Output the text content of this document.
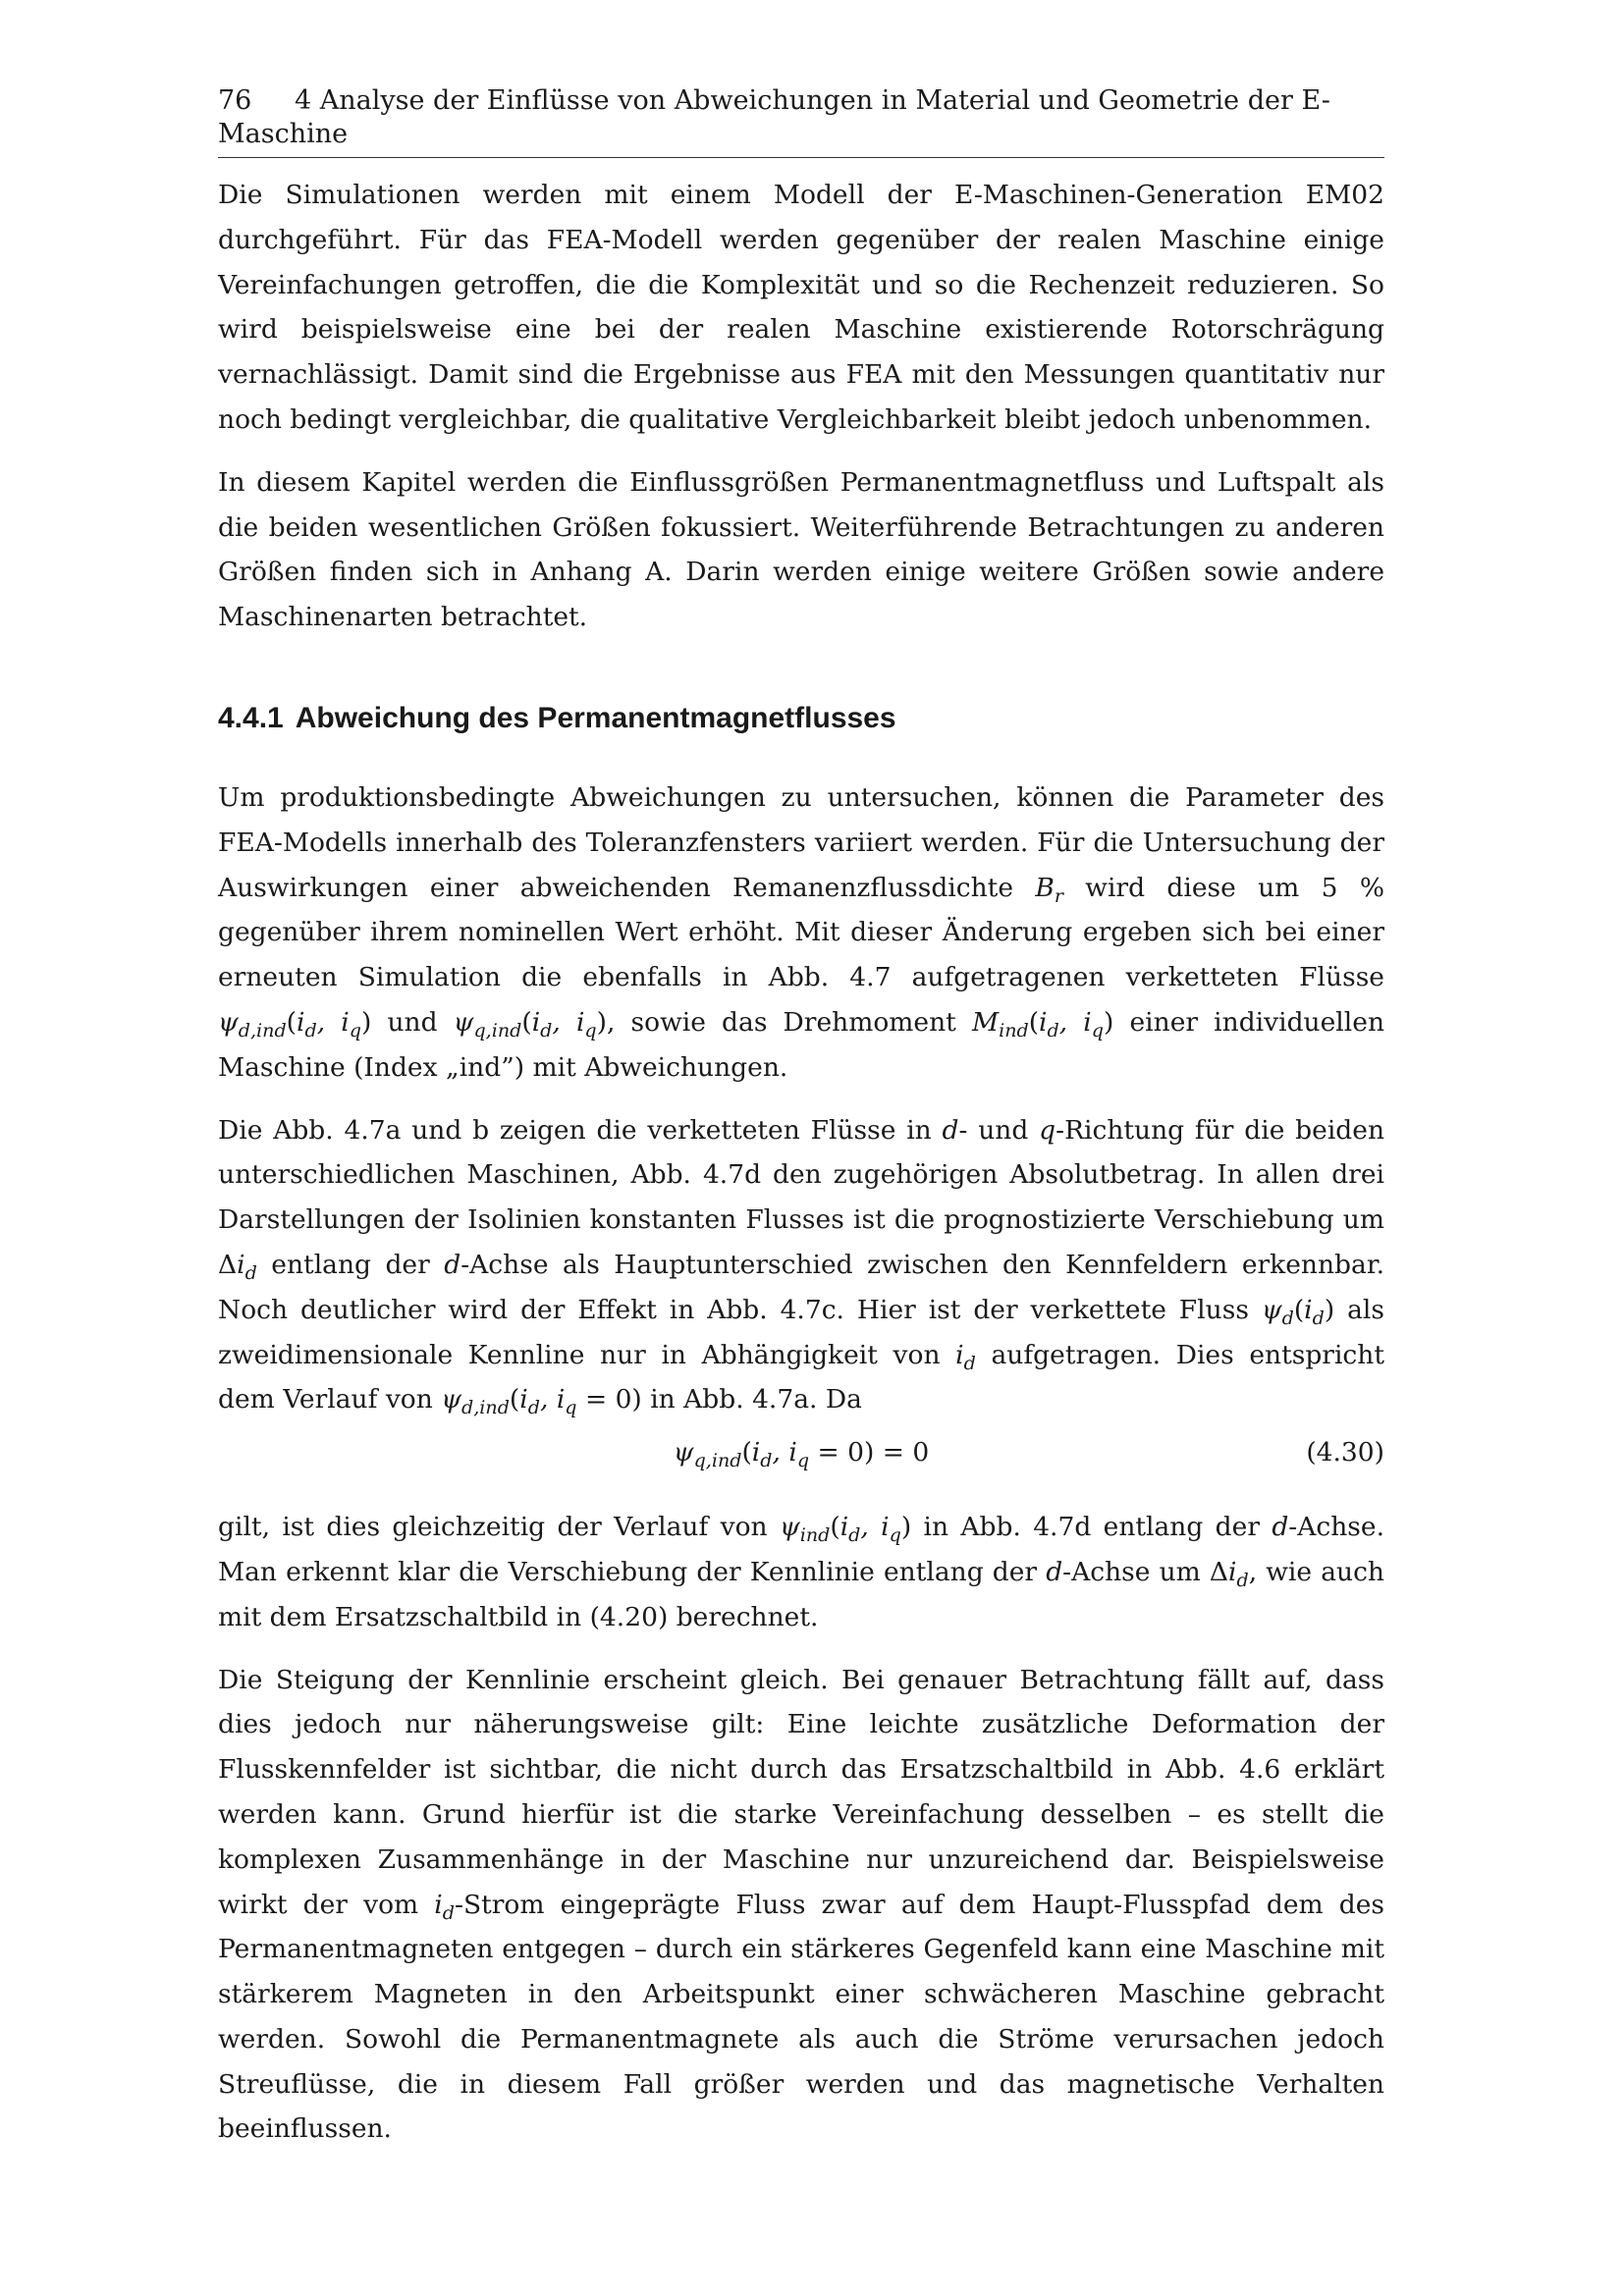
76 4 Analyse der Einflüsse von Abweichungen in Material und Geometrie der E-Maschine

Die Simulationen werden mit einem Modell der E-Maschinen-Generation EM02 durchgeführt. Für das FEA-Modell werden gegenüber der realen Maschine einige Vereinfachungen getroffen, die die Komplexität und so die Rechenzeit reduzieren. So wird beispielsweise eine bei der realen Maschine existierende Rotorschrägung vernachlässigt. Damit sind die Ergebnisse aus FEA mit den Messungen quantitativ nur noch bedingt vergleichbar, die qualitative Vergleichbarkeit bleibt jedoch unbenommen.

In diesem Kapitel werden die Einflussgrößen Permanentmagnetfluss und Luftspalt als die beiden wesentlichen Größen fokussiert. Weiterführende Betrachtungen zu anderen Größen finden sich in Anhang A. Darin werden einige weitere Größen sowie andere Maschinenarten betrachtet.

4.4.1 Abweichung des Permanentmagnetflusses

Um produktionsbedingte Abweichungen zu untersuchen, können die Parameter des FEA-Modells innerhalb des Toleranzfensters variiert werden. Für die Untersuchung der Auswirkungen einer abweichenden Remanenzflussdichte $B_r$ wird diese um 5 % gegenüber ihrem nominellen Wert erhöht. Mit dieser Änderung ergeben sich bei einer erneuten Simulation die ebenfalls in Abb. 4.7 aufgetragenen verketteten Flüsse $\psi_{d,ind}(i_d$, $i_q$) und $\psi_{q,ind}(i_d$, $i_q$), sowie das Drehmoment $M_{ind}(i_d$, $i_q$) einer individuellen Maschine (Index „ind”) mit Abweichungen.

Die Abb. 4.7a und b zeigen die verketteten Flüsse in d- und q-Richtung für die beiden unterschiedlichen Maschinen, Abb. 4.7d den zugehörigen Absolutbetrag. In allen drei Darstellungen der Isolinien konstanten Flusses ist die prognostizierte Verschiebung um $\Delta i_d$ entlang der d-Achse als Hauptunterschied zwischen den Kennfeldern erkennbar. Noch deutlicher wird der Effekt in Abb. 4.7c. Hier ist der verkettete Fluss $\psi_d(i_d)$ als zweidimensionale Kennline nur in Abhängigkeit von $i_d$ aufgetragen. Dies entspricht dem Verlauf von $\psi_{d,ind}(i_d$, $i_q = 0$) in Abb. 4.7a. Da

$\psi_{q,ind}(i_d$, $i_q = 0) = 0$	(4.30)

gilt, ist dies gleichzeitig der Verlauf von $\psi_{ind}(i_d$, $i_q$) in Abb. 4.7d entlang der d-Achse. Man erkennt klar die Verschiebung der Kennlinie entlang der d-Achse um $\Delta i_d$, wie auch mit dem Ersatzschaltbild in (4.20) berechnet.

Die Steigung der Kennlinie erscheint gleich. Bei genauer Betrachtung fällt auf, dass dies jedoch nur näherungsweise gilt: Eine leichte zusätzliche Deformation der Flusskennfelder ist sichtbar, die nicht durch das Ersatzschaltbild in Abb. 4.6 erklärt werden kann. Grund hierfür ist die starke Vereinfachung desselben – es stellt die komplexen Zusammenhänge in der Maschine nur unzureichend dar. Beispielsweise wirkt der vom $i_d$-Strom eingeprägte Fluss zwar auf dem Haupt-Flusspfad dem des Permanentmagneten entgegen – durch ein stärkeres Gegenfeld kann eine Maschine mit stärkerem Magneten in den Arbeitspunkt einer schwächeren Maschine gebracht werden. Sowohl die Permanentmagnete als auch die Ströme verursachen jedoch Streuflüsse, die in diesem Fall größer werden und das magnetische Verhalten beeinflussen.
